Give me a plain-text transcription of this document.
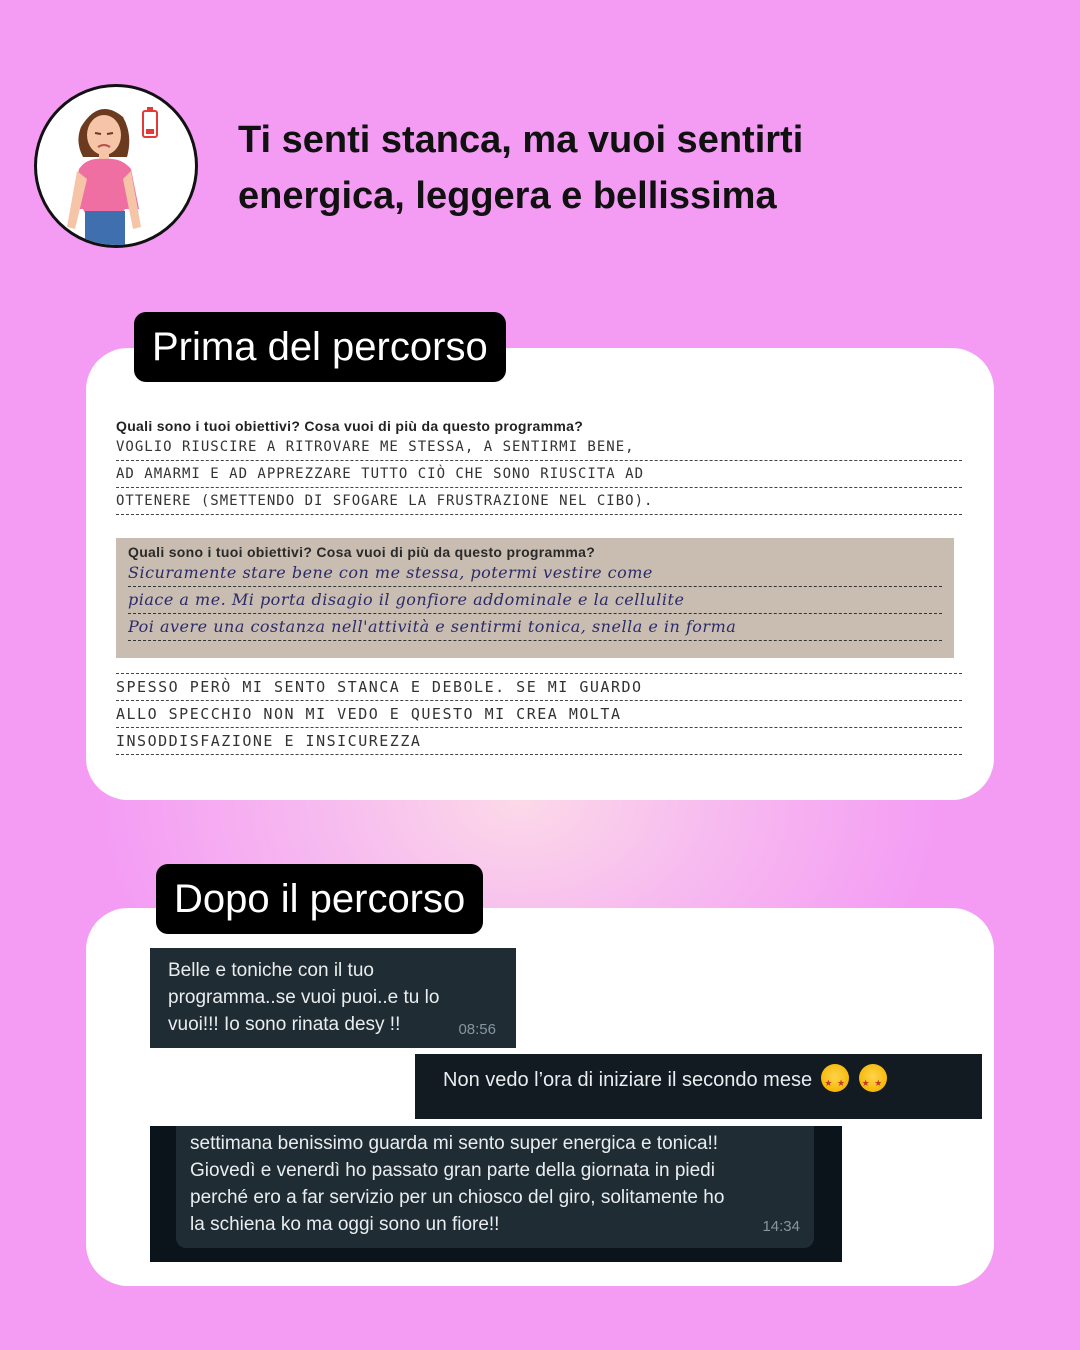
Ti senti stanca, ma vuoi sentirti
energica, leggera e bellissima
Quali sono i tuoi obiettivi? Cosa vuoi di più da questo programma?
VOGLIO RIUSCIRE A RITROVARE ME STESSA, A SENTIRMI BENE,
AD AMARMI E AD APPREZZARE TUTTO CIÒ CHE SONO RIUSCITA AD
OTTENERE (SMETTENDO DI SFOGARE LA FRUSTRAZIONE NEL CIBO).
Quali sono i tuoi obiettivi? Cosa vuoi di più da questo programma?
Sicuramente stare bene con me stessa, potermi vestire come
piace a me. Mi porta disagio il gonfiore addominale e la cellulite
Poi avere una costanza nell'attività e sentirmi tonica, snella e in forma
SPESSO PERÒ MI SENTO STANCA E DEBOLE. SE MI GUARDO
ALLO SPECCHIO NON MI VEDO E QUESTO MI CREA MOLTA
INSODDISFAZIONE E INSICUREZZA
Prima del percorso
Dopo il percorso
Belle e toniche con il tuo
programma..se vuoi puoi..e tu lo
vuoi!!! Io sono rinata desy !!	08:56
Non vedo l’ora di iniziare il secondo mese ★ ★ ★ ★
settimana benissimo guarda mi sento super energica e tonica!!
Giovedì e venerdì ho passato gran parte della giornata in piedi
perché ero a far servizio per un chiosco del giro, solitamente ho
la schiena ko ma oggi sono un fiore!!	14:34
